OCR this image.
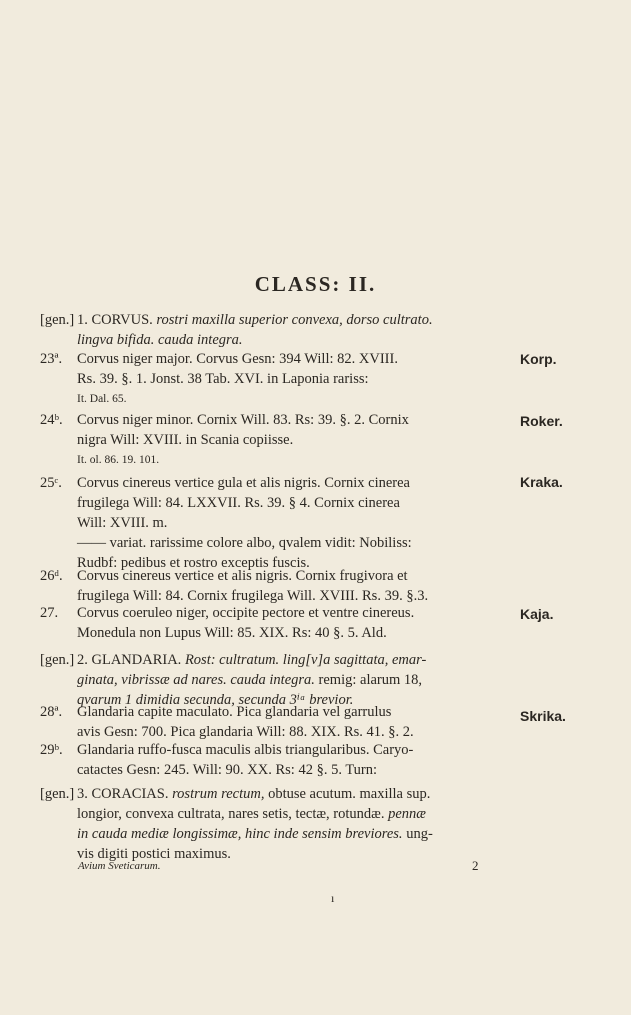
CLASS: II.
[gen.] 1. CORVUS. rostri maxilla superior convexa, dorso cultrato.
lingva bifida. cauda integra.
23ª.	Corvus niger major. Corvus Gesn: 394 Will: 82. XVIII.
Rs. 39. §. 1. Jonst. 38 Tab. XVI. in Laponia rariss:
It. Dal. 65.
Korp.
24ᵇ. Corvus niger minor. Cornix Will. 83. Rs: 39. §. 2. Cornix
nigra Will: XVIII. in Scania copiisse.
It. ol. 86. 19. 101.
Roker.
25ᶜ.	Corvus cinereus vertice gula et alis nigris. Cornix cinerea
frugilega Will: 84. LXXVII. Rs. 39. § 4. Cornix cinerea
Will: XVIII. m.
—— variat. rarissime colore albo, qvalem vidit: Nobiliss:
Rudbf: pedibus et rostro exceptis fuscis.
Kraka.
26ᵈ. Corvus cinereus vertice et alis nigris. Cornix frugivora et
frugilega Will: 84. Cornix frugilega Will. XVIII. Rs. 39. §.3.
27.	Corvus coeruleo niger, occipite pectore et ventre cinereus.
Monedula non Lupus Will: 85. XIX. Rs: 40 §. 5. Ald.
Kaja.
[gen.] 2. GLANDARIA. Rost: cultratum. ling[v]a sagittata, emar-
ginata, vibrissæ ad nares. cauda integra. remig: alarum 18,
qvarum 1 dimidia secunda, secunda 3ⁱᵃ brevior.
28ª.	Glandaria capite maculato. Pica glandaria vel garrulus
avis Gesn: 700. Pica glandaria Will: 88. XIX. Rs. 41. §. 2.
Skrika.
29ᵇ. Glandaria ruffo-fusca maculis albis triangularibus. Caryo-
catactes Gesn: 245. Will: 90. XX. Rs: 42 §. 5. Turn:
[gen.] 3. CORACIAS. rostrum rectum, obtuse acutum. maxilla sup.
longior, convexa cultrata, nares setis, tectæ, rotundæ. pennæ
in cauda mediæ longissimæ, hinc inde sensim breviores. ung-
vis digiti postici maximus.
Avium Sveticarum.	2
ı
